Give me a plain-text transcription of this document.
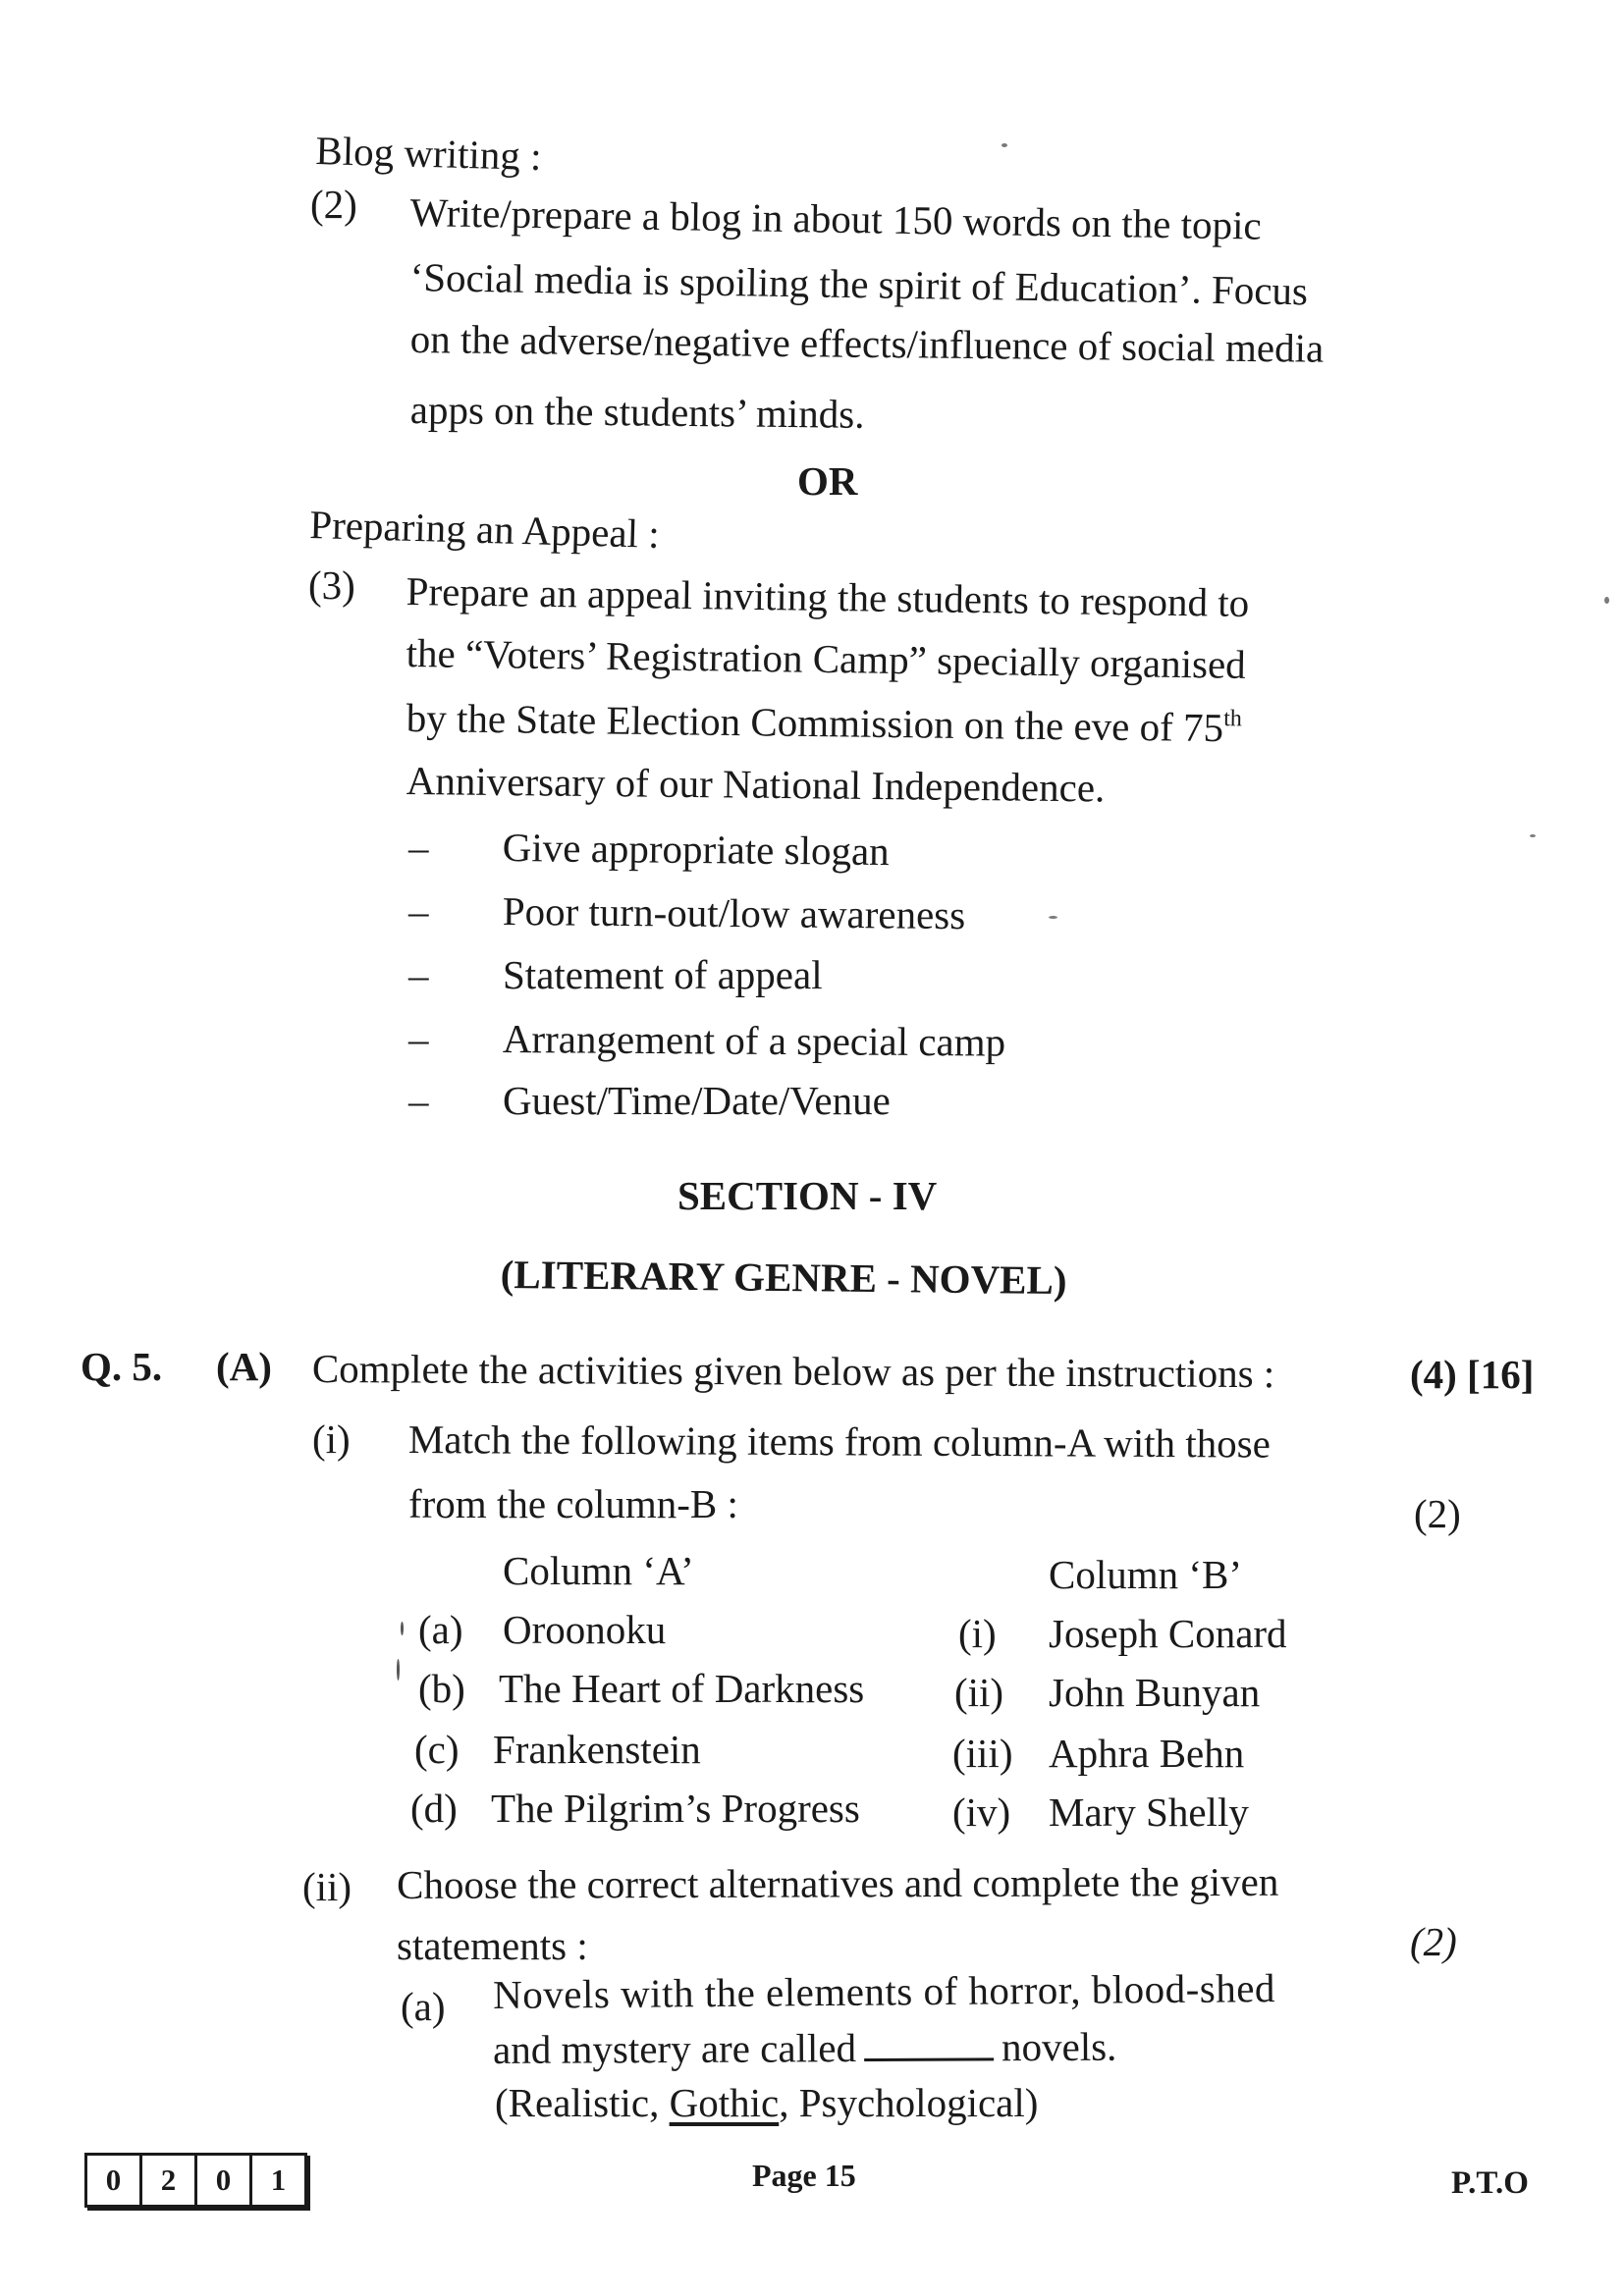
Blog writing :
(2) Write/prepare a blog in about 150 words on the topic
‘Social media is spoiling the spirit of Education’. Focus
on the adverse/negative effects/influence of social media
apps on the students’ minds.
OR
Preparing an Appeal :
(3) Prepare an appeal inviting the students to respond to
the “Voters’ Registration Camp” specially organised
by the State Election Commission on the eve of 75th
Anniversary of our National Independence.
– Give appropriate slogan
– Poor turn-out/low awareness
– Statement of appeal
– Arrangement of a special camp
– Guest/Time/Date/Venue
SECTION - IV
(LITERARY GENRE - NOVEL)
Q. 5. (A) Complete the activities given below as per the instructions :	(4) [16]
(i) Match the following items from column-A with those
from the column-B :	(2)
Column ‘A’	Column ‘B’
(a) Oroonoku	(i) Joseph Conard
(b) The Heart of Darkness (ii) John Bunyan
(c) Frankenstein	(iii) Aphra Behn
(d) The Pilgrim’s Progress (iv) Mary Shelly
(ii) Choose the correct alternatives and complete the given
statements :	(2)
(a) Novels with the elements of horror, blood-shed
and mystery are called	novels.
(Realistic, Gothic, Psychological)
0	2	0	1	Page 15	P.T.O
